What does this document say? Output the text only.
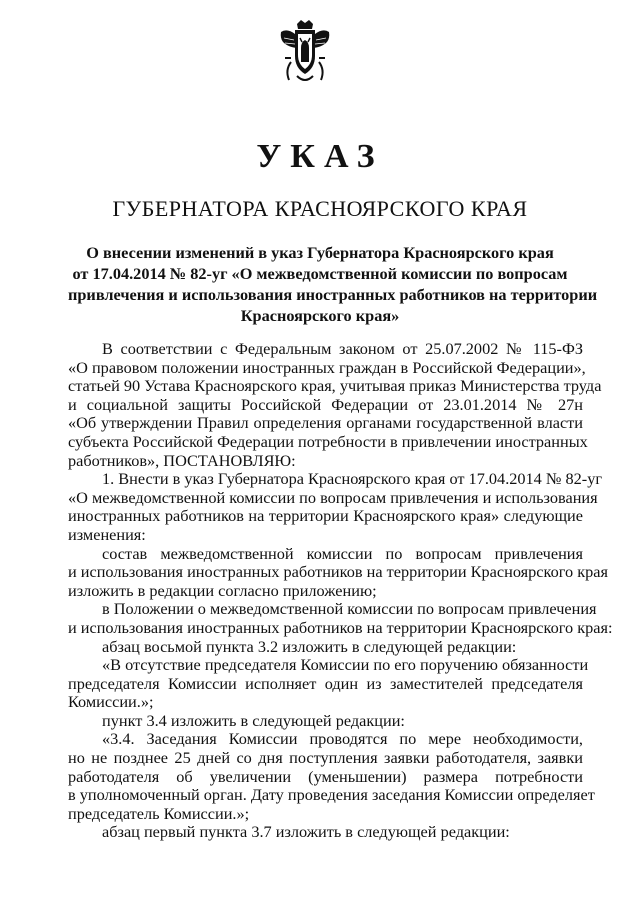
УКАЗ
ГУБЕРНАТОРА КРАСНОЯРСКОГО КРАЯ
О внесении изменений в указ Губернатора Красноярского края
от 17.04.2014 № 82-уг «О межведомственной комиссии по вопросам
привлечения и использования иностранных работников на территории
Красноярского края»

В соответствии с Федеральным законом от 25.07.2002 № 115-ФЗ
«О правовом положении иностранных граждан в Российской Федерации»,
статьей 90 Устава Красноярского края, учитывая приказ Министерства труда
и социальной защиты Российской Федерации от 23.01.2014 № 27н
«Об утверждении Правил определения органами государственной власти
субъекта Российской Федерации потребности в привлечении иностранных
работников», ПОСТАНОВЛЯЮ:

1. Внести в указ Губернатора Красноярского края от 17.04.2014 № 82-уг
«О межведомственной комиссии по вопросам привлечения и использования
иностранных работников на территории Красноярского края» следующие
изменения:

состав межведомственной комиссии по вопросам привлечения
и использования иностранных работников на территории Красноярского края
изложить в редакции согласно приложению;

в Положении о межведомственной комиссии по вопросам привлечения
и использования иностранных работников на территории Красноярского края:

абзац восьмой пункта 3.2 изложить в следующей редакции:

«В отсутствие председателя Комиссии по его поручению обязанности
председателя Комиссии исполняет один из заместителей председателя
Комиссии.»;

пункт 3.4 изложить в следующей редакции:

«3.4. Заседания Комиссии проводятся по мере необходимости,
но не позднее 25 дней со дня поступления заявки работодателя, заявки
работодателя об увеличении (уменьшении) размера потребности
в уполномоченный орган. Дату проведения заседания Комиссии определяет
председатель Комиссии.»;

абзац первый пункта 3.7 изложить в следующей редакции:
